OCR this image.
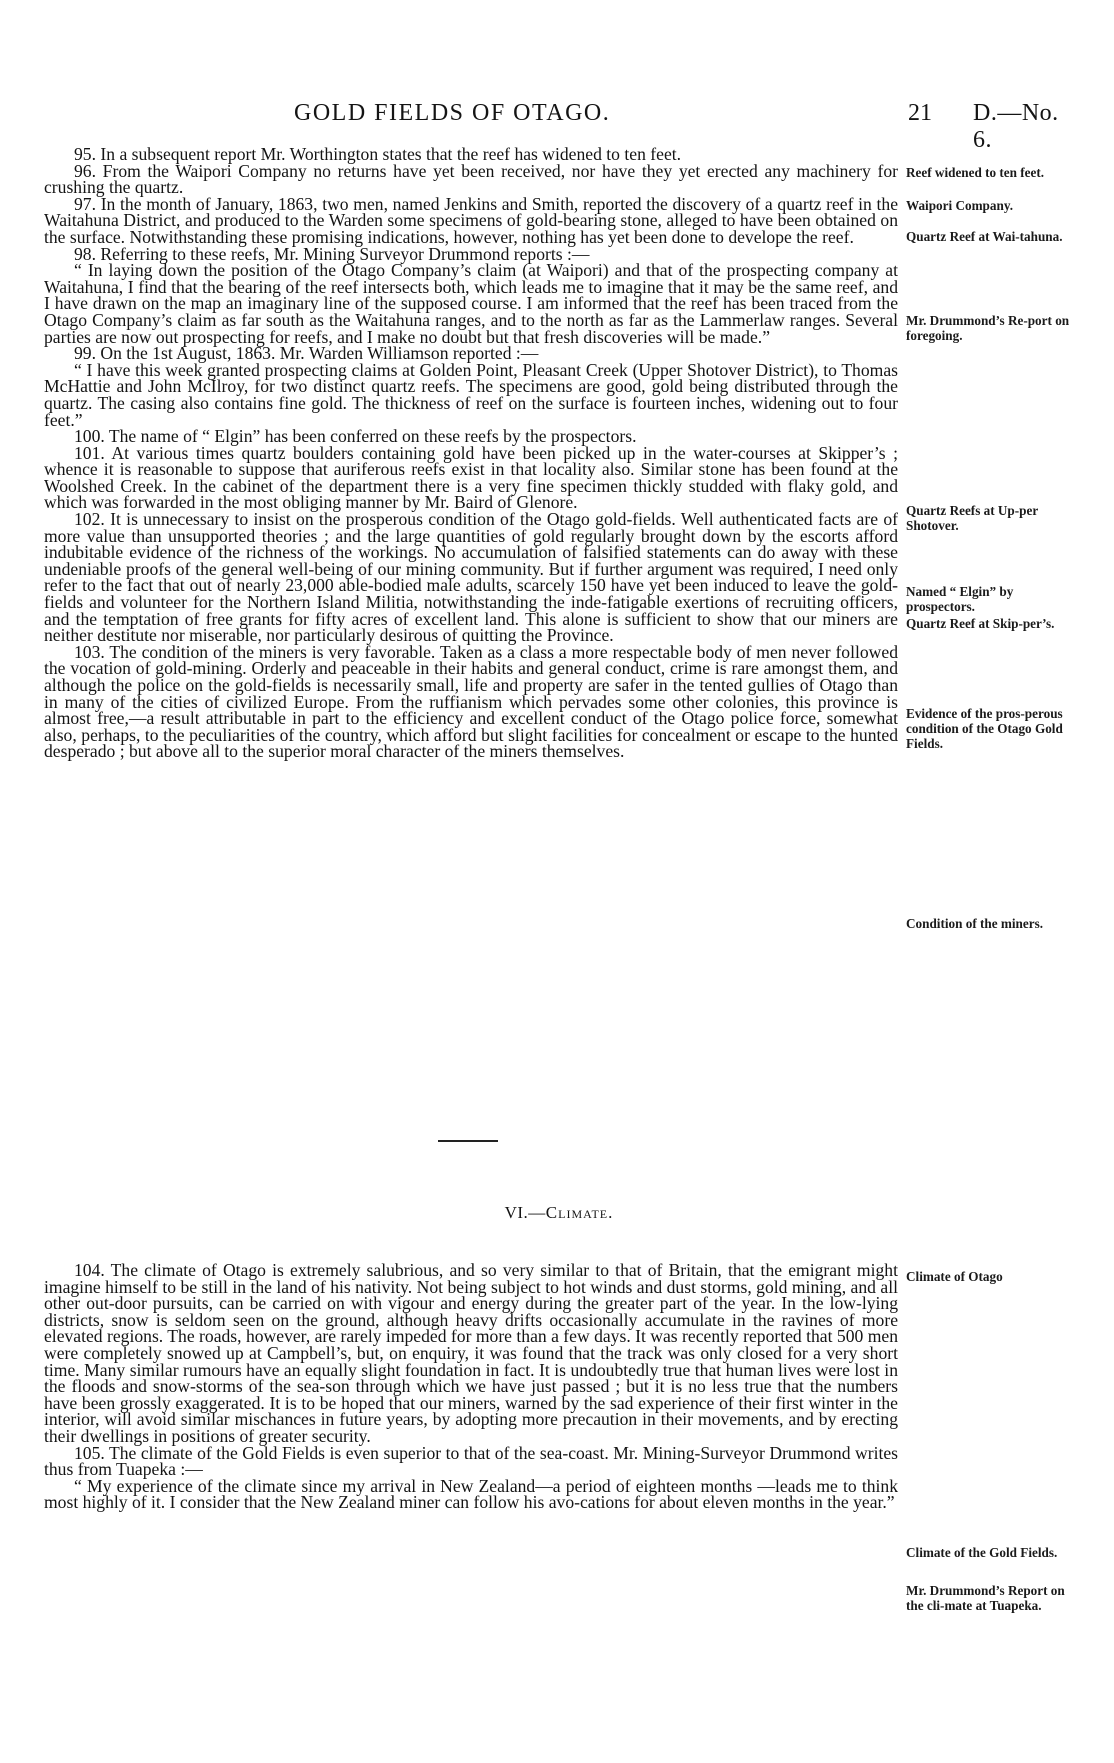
GOLD FIELDS OF OTAGO.	21 D.—No. 6.

95. In a subsequent report Mr. Worthington states that the reef has widened to ten feet.

96. From the Waipori Company no returns have yet been received, nor have they yet erected any machinery for crushing the quartz.

97. In the month of January, 1863, two men, named Jenkins and Smith, reported the discovery of a quartz reef in the Waitahuna District, and produced to the Warden some specimens of gold-bearing stone, alleged to have been obtained on the surface. Notwithstanding these promising indications, however, nothing has yet been done to develope the reef.

98. Referring to these reefs, Mr. Mining Surveyor Drummond reports :—

“ In laying down the position of the Otago Company’s claim (at Waipori) and that of the prospecting company at Waitahuna, I find that the bearing of the reef intersects both, which leads me to imagine that it may be the same reef, and I have drawn on the map an imaginary line of the supposed course. I am informed that the reef has been traced from the Otago Company’s claim as far south as the Waitahuna ranges, and to the north as far as the Lammerlaw ranges. Several parties are now out prospecting for reefs, and I make no doubt but that fresh discoveries will be made.”

99. On the 1st August, 1863. Mr. Warden Williamson reported :—

“ I have this week granted prospecting claims at Golden Point, Pleasant Creek (Upper Shotover District), to Thomas McHattie and John McIlroy, for two distinct quartz reefs. The specimens are good, gold being distributed through the quartz. The casing also contains fine gold. The thickness of reef on the surface is fourteen inches, widening out to four feet.”

100. The name of “ Elgin” has been conferred on these reefs by the prospectors.

101. At various times quartz boulders containing gold have been picked up in the water-courses at Skipper’s ; whence it is reasonable to suppose that auriferous reefs exist in that locality also. Similar stone has been found at the Woolshed Creek. In the cabinet of the department there is a very fine specimen thickly studded with flaky gold, and which was forwarded in the most obliging manner by Mr. Baird of Glenore.

102. It is unnecessary to insist on the prosperous condition of the Otago gold-fields. Well authenticated facts are of more value than unsupported theories ; and the large quantities of gold regularly brought down by the escorts afford indubitable evidence of the richness of the workings. No accumulation of falsified statements can do away with these undeniable proofs of the general well-being of our mining community. But if further argument was required, I need only refer to the fact that out of nearly 23,000 able-bodied male adults, scarcely 150 have yet been induced to leave the gold-fields and volunteer for the Northern Island Militia, notwithstanding the inde-fatigable exertions of recruiting officers, and the temptation of free grants for fifty acres of excellent land. This alone is sufficient to show that our miners are neither destitute nor miserable, nor particularly desirous of quitting the Province.

103. The condition of the miners is very favorable. Taken as a class a more respectable body of men never followed the vocation of gold-mining. Orderly and peaceable in their habits and general conduct, crime is rare amongst them, and although the police on the gold-fields is necessarily small, life and property are safer in the tented gullies of Otago than in many of the cities of civilized Europe. From the ruffianism which pervades some other colonies, this province is almost free,—a result attributable in part to the efficiency and excellent conduct of the Otago police force, somewhat also, perhaps, to the peculiarities of the country, which afford but slight facilities for concealment or escape to the hunted desperado ; but above all to the superior moral character of the miners themselves.

VI.—Climate.

104. The climate of Otago is extremely salubrious, and so very similar to that of Britain, that the emigrant might imagine himself to be still in the land of his nativity. Not being subject to hot winds and dust storms, gold mining, and all other out-door pursuits, can be carried on with vigour and energy during the greater part of the year. In the low-lying districts, snow is seldom seen on the ground, although heavy drifts occasionally accumulate in the ravines of more elevated regions. The roads, however, are rarely impeded for more than a few days. It was recently reported that 500 men were completely snowed up at Campbell’s, but, on enquiry, it was found that the track was only closed for a very short time. Many similar rumours have an equally slight foundation in fact. It is undoubtedly true that human lives were lost in the floods and snow-storms of the sea-son through which we have just passed ; but it is no less true that the numbers have been grossly exaggerated. It is to be hoped that our miners, warned by the sad experience of their first winter in the interior, will avoid similar mischances in future years, by adopting more precaution in their movements, and by erecting their dwellings in positions of greater security.

105. The climate of the Gold Fields is even superior to that of the sea-coast. Mr. Mining-Surveyor Drummond writes thus from Tuapeka :—

“ My experience of the climate since my arrival in New Zealand—a period of eighteen months —leads me to think most highly of it. I consider that the New Zealand miner can follow his avo-cations for about eleven months in the year.”

Reef widened to ten feet.
Waipori Company.
Quartz Reef at Wai-tahuna.
Mr. Drummond’s Re-port on foregoing.
Quartz Reefs at Up-per Shotover.
Named “ Elgin” by prospectors.
Quartz Reef at Skip-per’s.
Evidence of the pros-perous condition of the Otago Gold Fields.
Condition of the miners.
Climate of Otago
Climate of the Gold Fields.
Mr. Drummond’s Report on the cli-mate at Tuapeka.
